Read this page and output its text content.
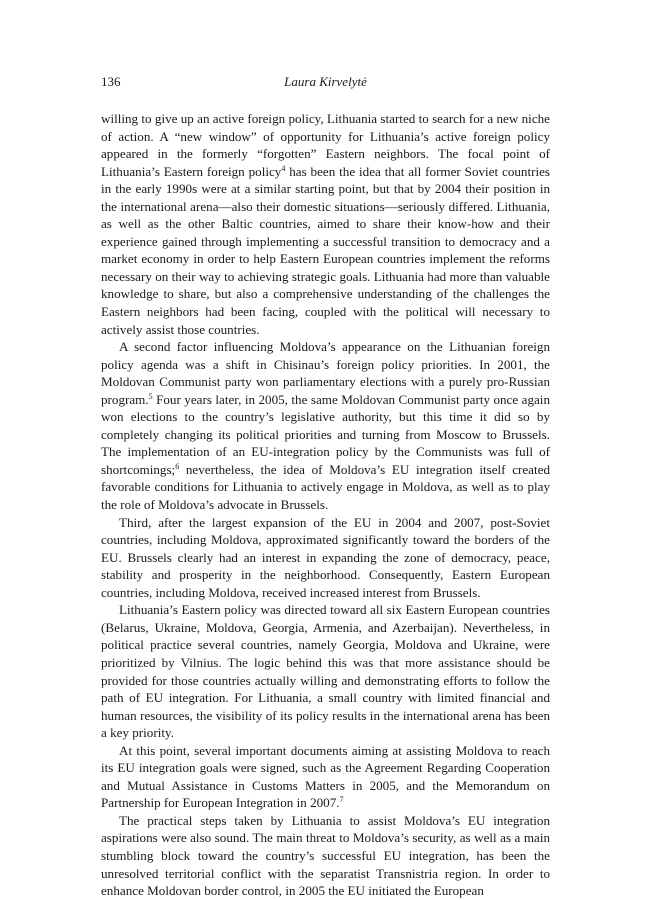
136	Laura Kirvelytė

willing to give up an active foreign policy, Lithuania started to search for a new niche of action. A “new window” of opportunity for Lithuania’s active foreign policy appeared in the formerly “forgotten” Eastern neighbors. The focal point of Lithuania’s Eastern foreign policy$^4$ has been the idea that all former Soviet countries in the early 1990s were at a similar starting point, but that by 2004 their position in the international arena—also their domestic situations—seriously differed. Lithuania, as well as the other Baltic countries, aimed to share their know-how and their experience gained through implementing a successful transition to democracy and a market economy in order to help Eastern European countries implement the reforms necessary on their way to achieving strategic goals. Lithuania had more than valuable knowledge to share, but also a comprehensive understanding of the challenges the Eastern neighbors had been facing, coupled with the political will necessary to actively assist those countries.

A second factor influencing Moldova’s appearance on the Lithuanian foreign policy agenda was a shift in Chisinau’s foreign policy priorities. In 2001, the Moldovan Communist party won parliamentary elections with a purely pro-Russian program.$^5$ Four years later, in 2005, the same Moldovan Communist party once again won elections to the country’s legislative authority, but this time it did so by completely changing its political priorities and turning from Moscow to Brussels. The implementation of an EU-integration policy by the Communists was full of shortcomings;$^6$ nevertheless, the idea of Moldova’s EU integration itself created favorable conditions for Lithuania to actively engage in Moldova, as well as to play the role of Moldova’s advocate in Brussels.

Third, after the largest expansion of the EU in 2004 and 2007, post-Soviet countries, including Moldova, approximated significantly toward the borders of the EU. Brussels clearly had an interest in expanding the zone of democracy, peace, stability and prosperity in the neighborhood. Consequently, Eastern European countries, including Moldova, received increased interest from Brussels.

Lithuania’s Eastern policy was directed toward all six Eastern European countries (Belarus, Ukraine, Moldova, Georgia, Armenia, and Azerbaijan). Nevertheless, in political practice several countries, namely Georgia, Moldova and Ukraine, were prioritized by Vilnius. The logic behind this was that more assistance should be provided for those countries actually willing and demonstrating efforts to follow the path of EU integration. For Lithuania, a small country with limited financial and human resources, the visibility of its policy results in the international arena has been a key priority.

At this point, several important documents aiming at assisting Moldova to reach its EU integration goals were signed, such as the Agreement Regarding Cooperation and Mutual Assistance in Customs Matters in 2005, and the Memorandum on Partnership for European Integration in 2007.$^7$

The practical steps taken by Lithuania to assist Moldova’s EU integration aspirations were also sound. The main threat to Moldova’s security, as well as a main stumbling block toward the country’s successful EU integration, has been the unresolved territorial conflict with the separatist Transnistria region. In order to enhance Moldovan border control, in 2005 the EU initiated the European
